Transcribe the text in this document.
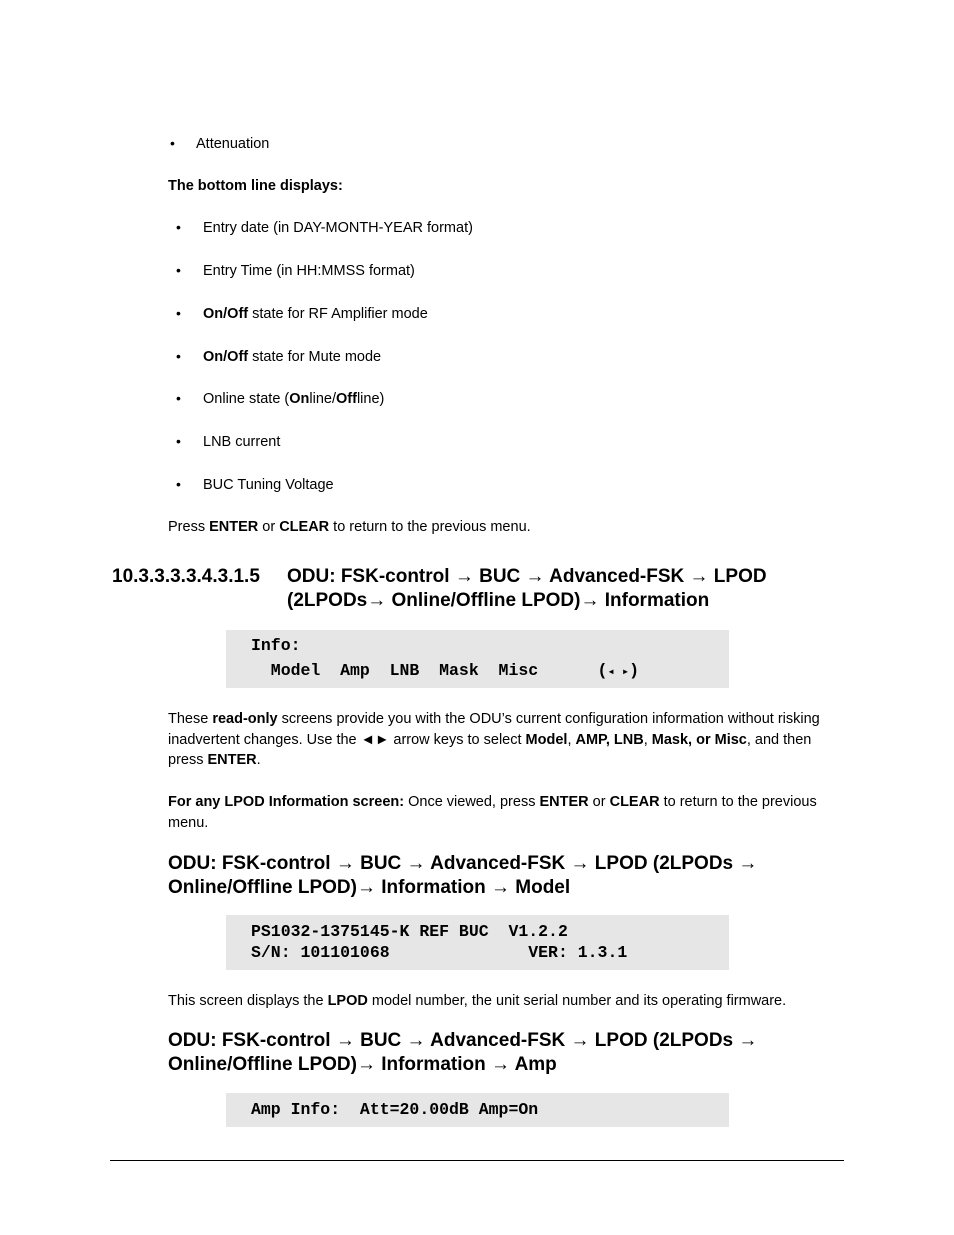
• Attenuation
The bottom line displays:
• Entry date (in DAY-MONTH-YEAR format)
• Entry Time (in HH:MMSS format)
• On/Off state for RF Amplifier mode
• On/Off state for Mute mode
• Online state (Online/Offline)
• LNB current
• BUC Tuning Voltage
Press ENTER or CLEAR to return to the previous menu.
10.3.3.3.3.4.3.1.5 ODU: FSK-control → BUC → Advanced-FSK → LPOD
(2LPODs→ Online/Offline LPOD)→ Information
Info:
Model  Amp  LNB  Mask  Misc      (◂ ▸)
These read-only screens provide you with the ODU’s current configuration information without risking inadvertent changes. Use the ◄► arrow keys to select Model, AMP, LNB, Mask, or Misc, and then press ENTER.
For any LPOD Information screen: Once viewed, press ENTER or CLEAR to return to the previous menu.
ODU: FSK-control → BUC → Advanced-FSK → LPOD (2LPODs →
Online/Offline LPOD)→ Information → Model
PS1032-1375145-K REF BUC  V1.2.2
S/N: 101101068              VER: 1.3.1
This screen displays the LPOD model number, the unit serial number and its operating firmware.
ODU: FSK-control → BUC → Advanced-FSK → LPOD (2LPODs →
Online/Offline LPOD)→ Information → Amp
Amp Info:  Att=20.00dB Amp=On
